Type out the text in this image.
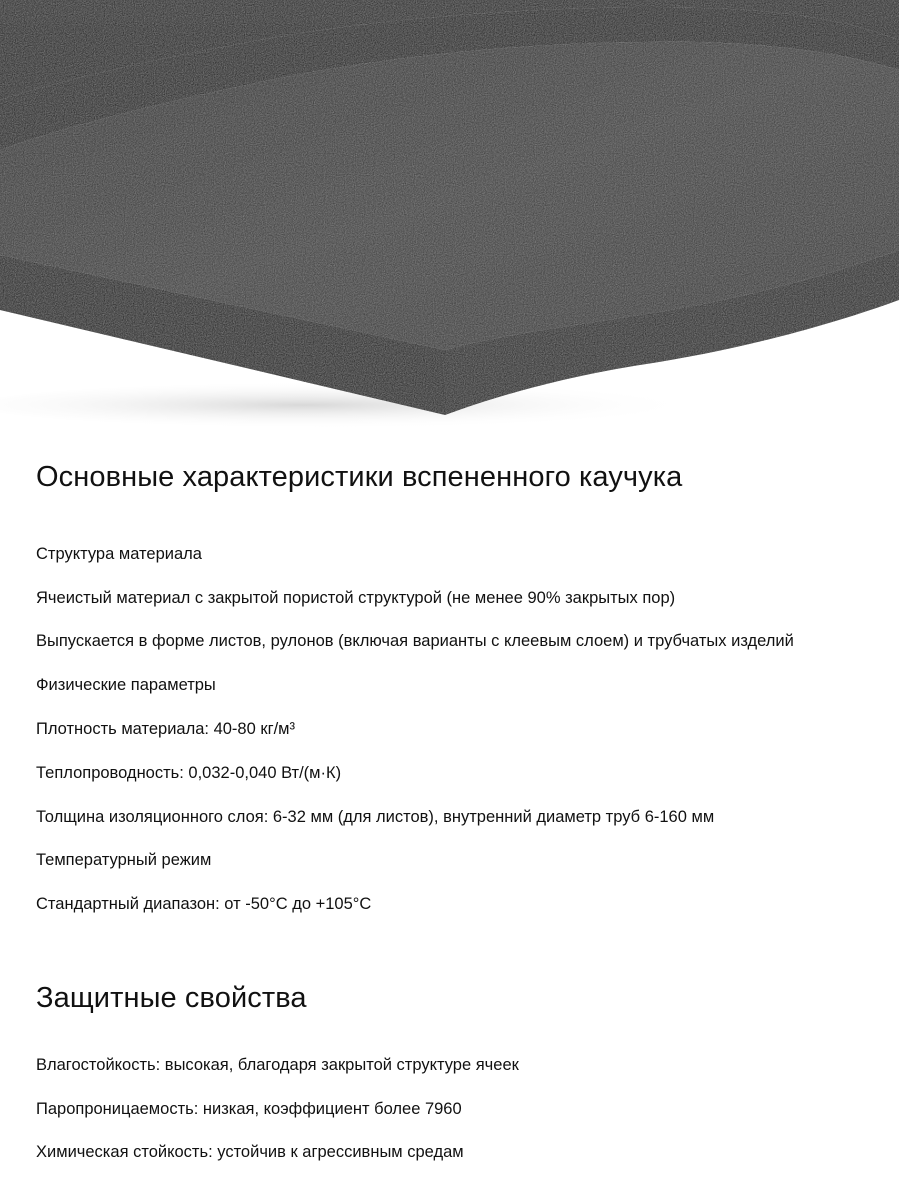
Основные характеристики вспененного каучука

Структура материала

Ячеистый материал с закрытой пористой структурой (не менее 90% закрытых пор)

Выпускается в форме листов, рулонов (включая варианты с клеевым слоем) и трубчатых изделий

Физические параметры

Плотность материала: 40-80 кг/м³

Теплопроводность: 0,032-0,040 Вт/(м·К)

Толщина изоляционного слоя: 6-32 мм (для листов), внутренний диаметр труб 6-160 мм

Температурный режим

Стандартный диапазон: от -50°C до +105°C

Защитные свойства

Влагостойкость: высокая, благодаря закрытой структуре ячеек

Паропроницаемость: низкая, коэффициент более 7960

Химическая стойкость: устойчив к агрессивным средам
